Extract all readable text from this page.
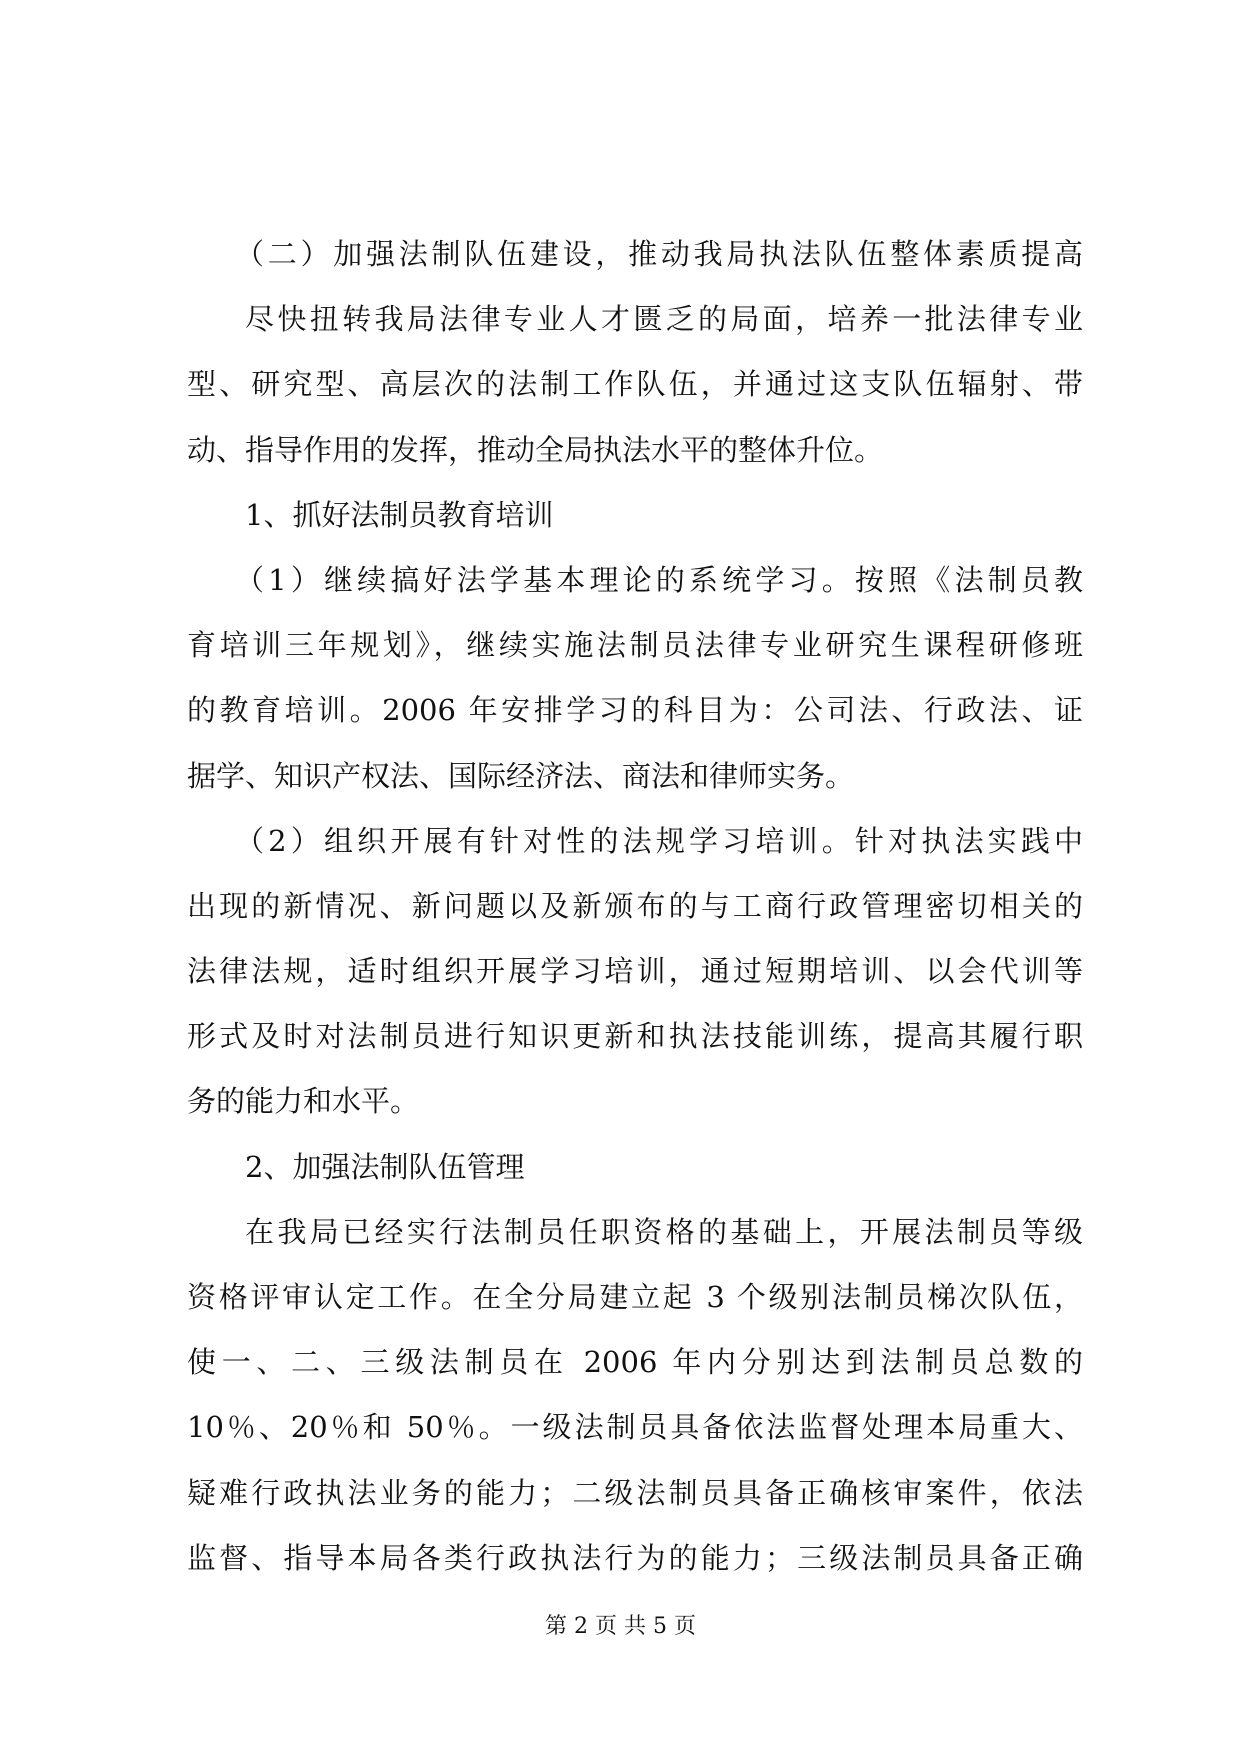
（二）加强法制队伍建设，推动我局执法队伍整体素质提高
尽快扭转我局法律专业人才匮乏的局面，培养一批法律专业
型、研究型、高层次的法制工作队伍，并通过这支队伍辐射、带
动、指导作用的发挥，推动全局执法水平的整体升位。
1、抓好法制员教育培训
（1）继续搞好法学基本理论的系统学习。按照《法制员教
育培训三年规划》，继续实施法制员法律专业研究生课程研修班
的教育培训。2006 年安排学习的科目为：公司法、行政法、证
据学、知识产权法、国际经济法、商法和律师实务。
（2）组织开展有针对性的法规学习培训。针对执法实践中
出现的新情况、新问题以及新颁布的与工商行政管理密切相关的
法律法规，适时组织开展学习培训，通过短期培训、以会代训等
形式及时对法制员进行知识更新和执法技能训练，提高其履行职
务的能力和水平。
2、加强法制队伍管理
在我局已经实行法制员任职资格的基础上，开展法制员等级
资格评审认定工作。在全分局建立起 3 个级别法制员梯次队伍，
使一、二、三级法制员在 2006 年内分别达到法制员总数的
10％、20％和 50％。一级法制员具备依法监督处理本局重大、
疑难行政执法业务的能力；二级法制员具备正确核审案件，依法
监督、指导本局各类行政执法行为的能力；三级法制员具备正确
第 2 页 共 5 页
